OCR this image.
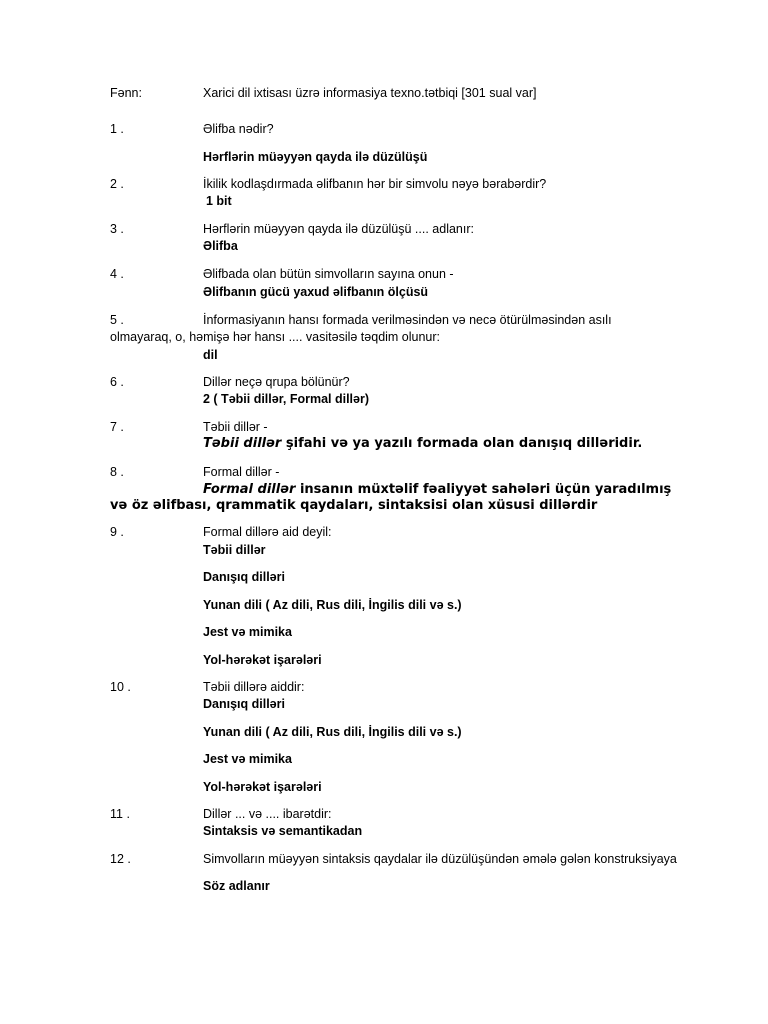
Fənn:	Xarici dil ixtisası üzrə informasiya texno.tətbiqi [301 sual var]
1 .	Əlifba nədir?
Hərflərin müəyyən qayda ilə düzülüşü
2 .	İkilik kodlaşdırmada əlifbanın hər bir simvolu nəyə bərabərdir?
1 bit
3 .	Hərflərin müəyyən qayda ilə düzülüşü .... adlanır:
Əlifba
4 .	Əlifbada olan bütün simvolların sayına onun -
Əlifbanın gücü yaxud əlifbanın ölçüsü
5 .	İnformasiyanın hansı formada verilməsindən və necə ötürülməsindən asılı
olmayaraq, o, həmişə hər hansı .... vasitəsilə təqdim olunur:
dil
6 .	Dillər neçə qrupa bölünür?
2 ( Təbii dillər, Formal dillər)
7 .	Təbii dillər -
Təbii dillər şifahi və ya yazılı formada olan danışıq dilləridir.
8 .	Formal dillər -
Formal dillər insanın müxtəlif fəaliyyət sahələri üçün yaradılmış
və öz əlifbası, qrammatik qaydaları, sintaksisi olan xüsusi dillərdir
9 .	Formal dillərə aid deyil:
Təbii dillər
Danışıq dilləri
Yunan dili ( Az dili, Rus dili, İngilis dili və s.)
Jest və mimika
Yol-hərəkət işarələri
10 .	Təbii dillərə aiddir:
Danışıq dilləri
Yunan dili ( Az dili, Rus dili, İngilis dili və s.)
Jest və mimika
Yol-hərəkət işarələri
11 .	Dillər ... və .... ibarətdir:
Sintaksis və semantikadan
12 .	Simvolların müəyyən sintaksis qaydalar ilə düzülüşündən əmələ gələn konstruksiyaya
Söz adlanır
